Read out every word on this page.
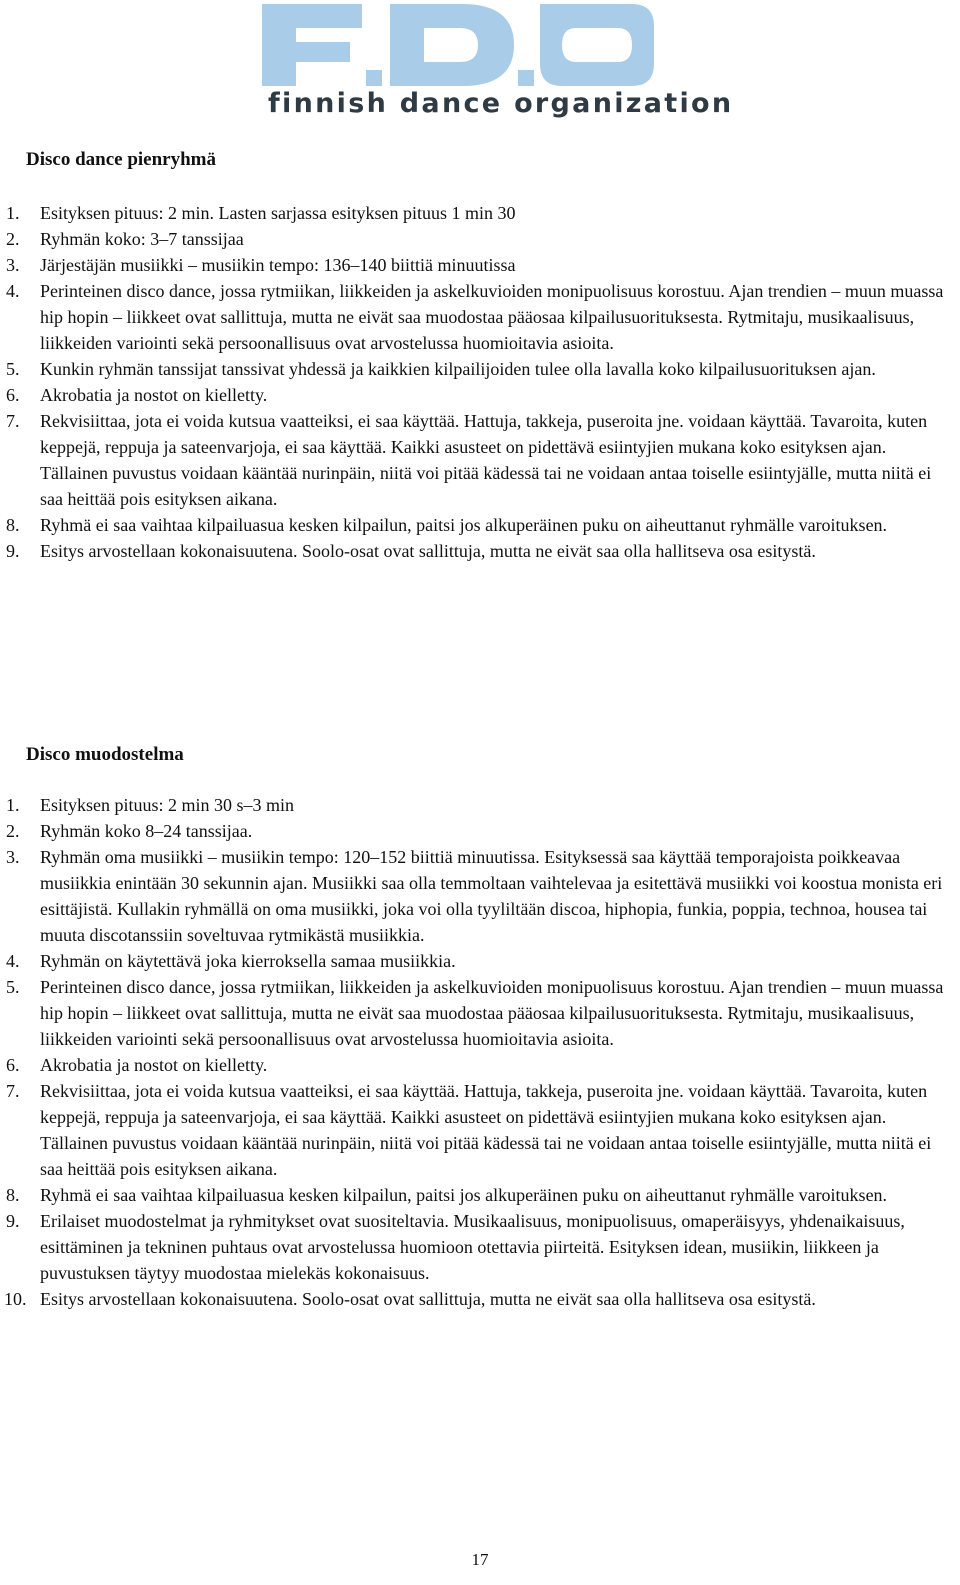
finnish dance organization
Disco dance pienryhmä
1.	Esityksen pituus: 2 min. Lasten sarjassa esityksen pituus 1 min 30
2.	Ryhmän koko: 3–7 tanssijaa
3.	Järjestäjän musiikki – musiikin tempo: 136–140 biittiä minuutissa
4.	Perinteinen disco dance, jossa rytmiikan, liikkeiden ja askelkuvioiden monipuolisuus korostuu. Ajan trendien – muun muassa hip hopin – liikkeet ovat sallittuja, mutta ne eivät saa muodostaa pääosaa kilpailusuorituksesta. Rytmitaju, musikaalisuus, liikkeiden variointi sekä persoonallisuus ovat arvostelussa huomioitavia asioita.
5.	Kunkin ryhmän tanssijat tanssivat yhdessä ja kaikkien kilpailijoiden tulee olla lavalla koko kilpailusuorituksen ajan.
6.	Akrobatia ja nostot on kielletty.
7.	Rekvisiittaa, jota ei voida kutsua vaatteiksi, ei saa käyttää. Hattuja, takkeja, puseroita jne. voidaan käyttää. Tavaroita, kuten keppejä, reppuja ja sateenvarjoja, ei saa käyttää. Kaikki asusteet on pidettävä esiintyjien mukana koko esityksen ajan. Tällainen puvustus voidaan kääntää nurinpäin, niitä voi pitää kädessä tai ne voidaan antaa toiselle esiintyjälle, mutta niitä ei saa heittää pois esityksen aikana.
8.	Ryhmä ei saa vaihtaa kilpailuasua kesken kilpailun, paitsi jos alkuperäinen puku on aiheuttanut ryhmälle varoituksen.
9.	Esitys arvostellaan kokonaisuutena. Soolo-osat ovat sallittuja, mutta ne eivät saa olla hallitseva osa esitystä.
Disco muodostelma
1.	Esityksen pituus: 2 min 30 s–3 min
2.	Ryhmän koko 8–24 tanssijaa.
3.	Ryhmän oma musiikki – musiikin tempo: 120–152 biittiä minuutissa. Esityksessä saa käyttää temporajoista poikkeavaa musiikkia enintään 30 sekunnin ajan. Musiikki saa olla temmoltaan vaihtelevaa ja esitettävä musiikki voi koostua monista eri esittäjistä. Kullakin ryhmällä on oma musiikki, joka voi olla tyyliltään discoa, hiphopia, funkia, poppia, technoa, housea tai muuta discotanssiin soveltuvaa rytmikästä musiikkia.
4.	Ryhmän on käytettävä joka kierroksella samaa musiikkia.
5.	Perinteinen disco dance, jossa rytmiikan, liikkeiden ja askelkuvioiden monipuolisuus korostuu. Ajan trendien – muun muassa hip hopin – liikkeet ovat sallittuja, mutta ne eivät saa muodostaa pääosaa kilpailusuorituksesta. Rytmitaju, musikaalisuus, liikkeiden variointi sekä persoonallisuus ovat arvostelussa huomioitavia asioita.
6.	Akrobatia ja nostot on kielletty.
7.	Rekvisiittaa, jota ei voida kutsua vaatteiksi, ei saa käyttää. Hattuja, takkeja, puseroita jne. voidaan käyttää. Tavaroita, kuten keppejä, reppuja ja sateenvarjoja, ei saa käyttää. Kaikki asusteet on pidettävä esiintyjien mukana koko esityksen ajan. Tällainen puvustus voidaan kääntää nurinpäin, niitä voi pitää kädessä tai ne voidaan antaa toiselle esiintyjälle, mutta niitä ei saa heittää pois esityksen aikana.
8.	Ryhmä ei saa vaihtaa kilpailuasua kesken kilpailun, paitsi jos alkuperäinen puku on aiheuttanut ryhmälle varoituksen.
9.	Erilaiset muodostelmat ja ryhmitykset ovat suositeltavia. Musikaalisuus, monipuolisuus, omaperäisyys, yhdenaikaisuus, esittäminen ja tekninen puhtaus ovat arvostelussa huomioon otettavia piirteitä. Esityksen idean, musiikin, liikkeen ja puvustuksen täytyy muodostaa mielekäs kokonaisuus.
10. Esitys arvostellaan kokonaisuutena. Soolo-osat ovat sallittuja, mutta ne eivät saa olla hallitseva osa esitystä.
17
